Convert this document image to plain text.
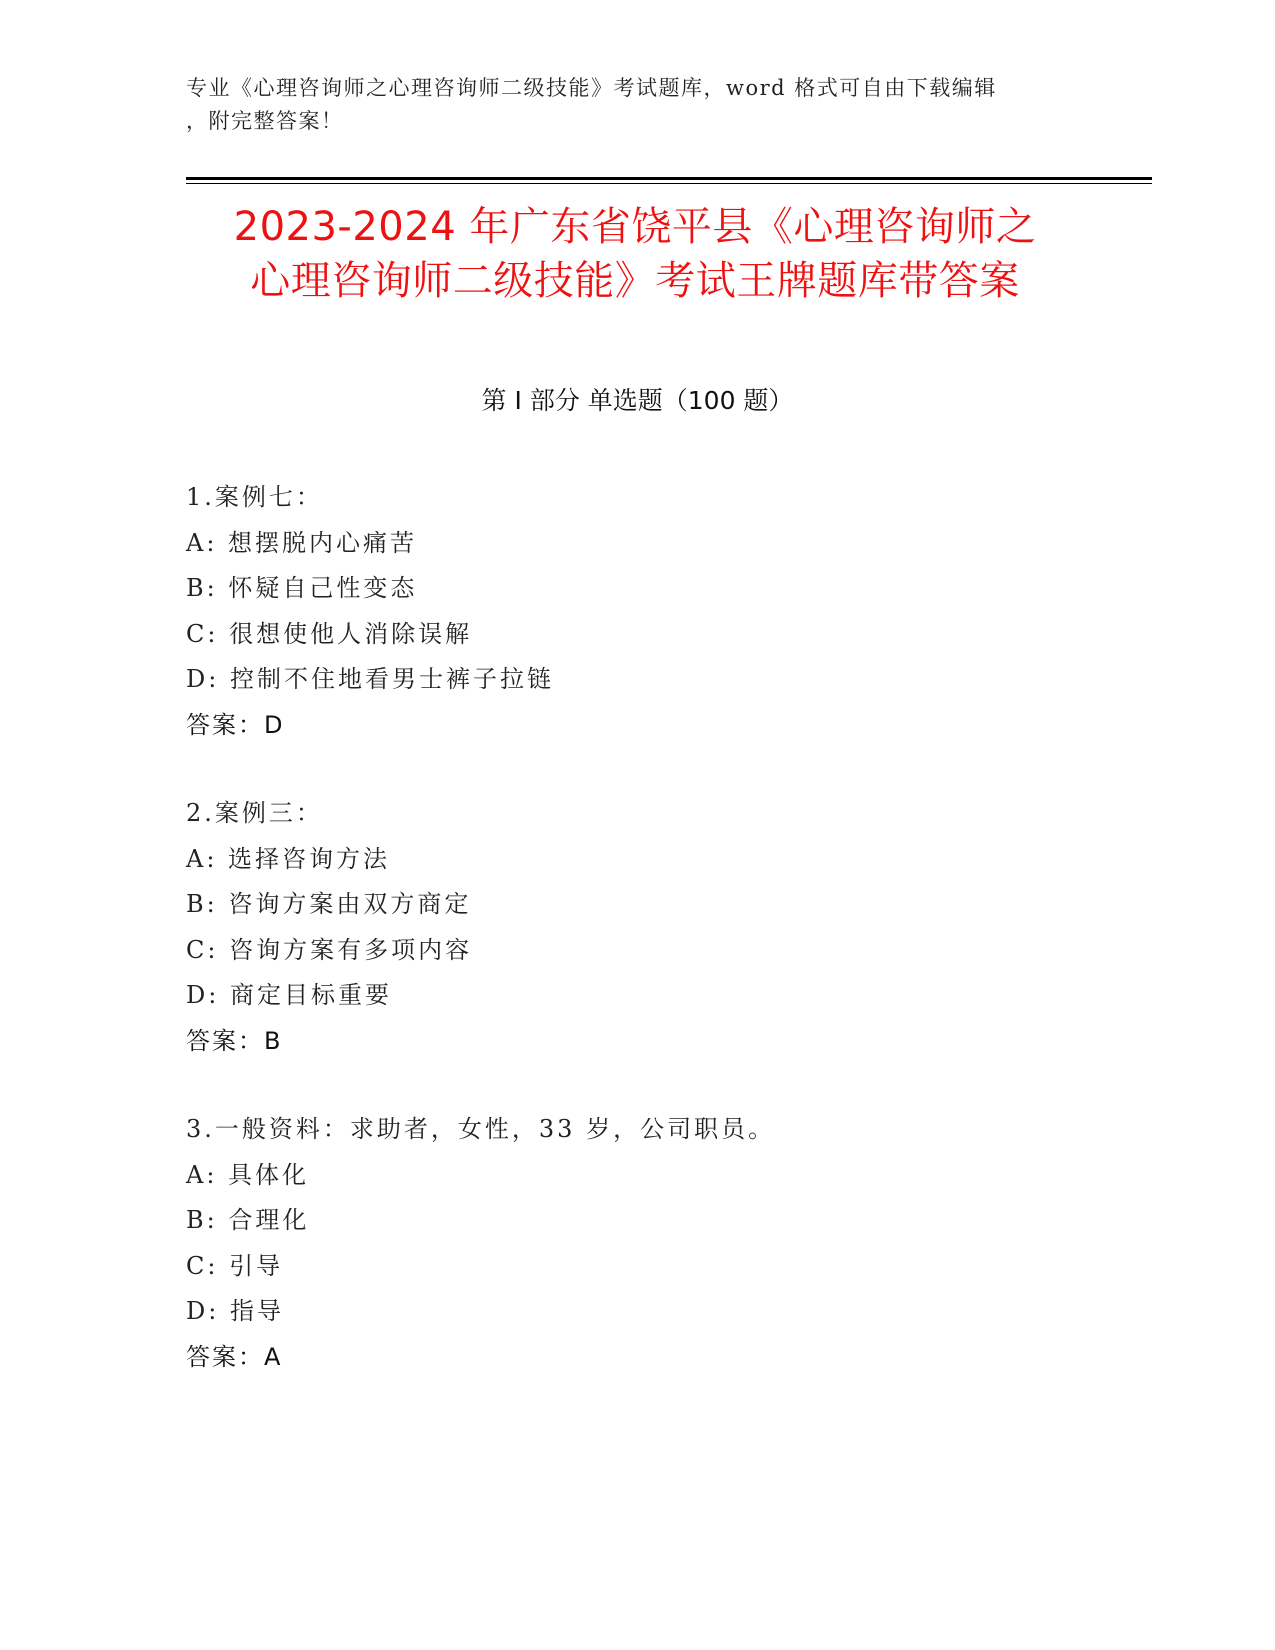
专业《心理咨询师之心理咨询师二级技能》考试题库，word 格式可自由下载编辑
，附完整答案！
2023-2024 年广东省饶平县《心理咨询师之
心理咨询师二级技能》考试王牌题库带答案
第 I 部分 单选题（100 题）
1.案例七：
A: 想摆脱内心痛苦
B: 怀疑自己性变态
C: 很想使他人消除误解
D: 控制不住地看男士裤子拉链
答案：D
2.案例三：
A: 选择咨询方法
B: 咨询方案由双方商定
C: 咨询方案有多项内容
D: 商定目标重要
答案：B
3.一般资料：求助者，女性，33 岁，公司职员。
A: 具体化
B: 合理化
C: 引导
D: 指导
答案：A
